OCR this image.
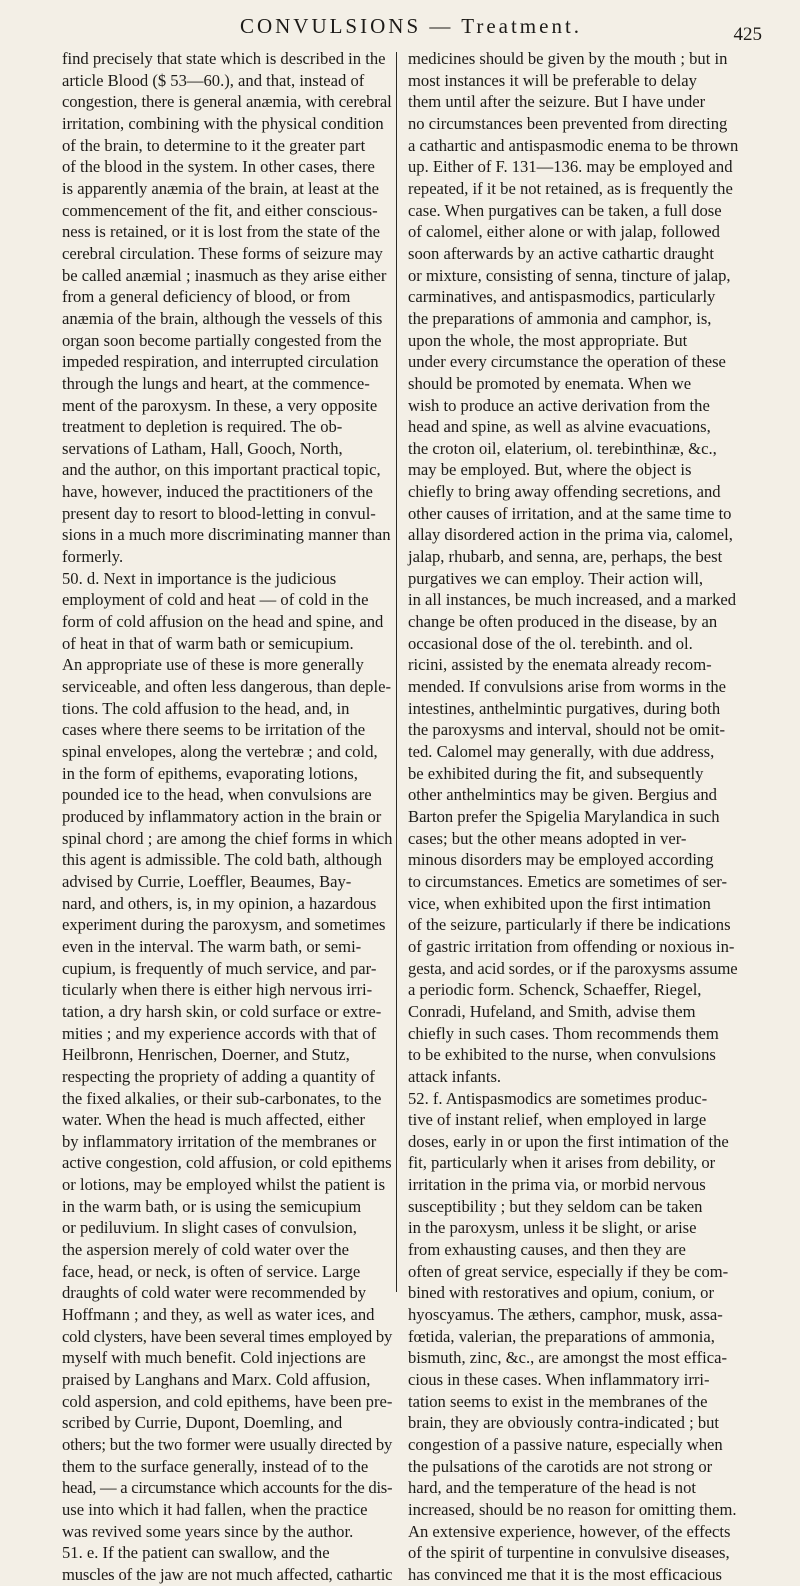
CONVULSIONS — Treatment.	425
find precisely that state which is described in the
article Blood ($ 53—60.), and that, instead of
congestion, there is general anæmia, with cerebral
irritation, combining with the physical condition
of the brain, to determine to it the greater part
of the blood in the system. In other cases, there
is apparently anæmia of the brain, at least at the
commencement of the fit, and either conscious-
ness is retained, or it is lost from the state of the
cerebral circulation. These forms of seizure may
be called anæmial ; inasmuch as they arise either
from a general deficiency of blood, or from
anæmia of the brain, although the vessels of this
organ soon become partially congested from the
impeded respiration, and interrupted circulation
through the lungs and heart, at the commence-
ment of the paroxysm. In these, a very opposite
treatment to depletion is required. The ob-
servations of Latham, Hall, Gooch, North,
and the author, on this important practical topic,
have, however, induced the practitioners of the
present day to resort to blood-letting in convul-
sions in a much more discriminating manner than
formerly.
50. d. Next in importance is the judicious
employment of cold and heat — of cold in the
form of cold affusion on the head and spine, and
of heat in that of warm bath or semicupium.
An appropriate use of these is more generally
serviceable, and often less dangerous, than deple-
tions. The cold affusion to the head, and, in
cases where there seems to be irritation of the
spinal envelopes, along the vertebræ ; and cold,
in the form of epithems, evaporating lotions,
pounded ice to the head, when convulsions are
produced by inflammatory action in the brain or
spinal chord ; are among the chief forms in which
this agent is admissible. The cold bath, although
advised by Currie, Loeffler, Beaumes, Bay-
nard, and others, is, in my opinion, a hazardous
experiment during the paroxysm, and sometimes
even in the interval. The warm bath, or semi-
cupium, is frequently of much service, and par-
ticularly when there is either high nervous irri-
tation, a dry harsh skin, or cold surface or extre-
mities ; and my experience accords with that of
Heilbronn, Henrischen, Doerner, and Stutz,
respecting the propriety of adding a quantity of
the fixed alkalies, or their sub-carbonates, to the
water. When the head is much affected, either
by inflammatory irritation of the membranes or
active congestion, cold affusion, or cold epithems
or lotions, may be employed whilst the patient is
in the warm bath, or is using the semicupium
or pediluvium. In slight cases of convulsion,
the aspersion merely of cold water over the
face, head, or neck, is often of service. Large
draughts of cold water were recommended by
Hoffmann ; and they, as well as water ices, and
cold clysters, have been several times employed by
myself with much benefit. Cold injections are
praised by Langhans and Marx. Cold affusion,
cold aspersion, and cold epithems, have been pre-
scribed by Currie, Dupont, Doemling, and
others; but the two former were usually directed by
them to the surface generally, instead of to the
head, — a circumstance which accounts for the dis-
use into which it had fallen, when the practice
was revived some years since by the author.
51. e. If the patient can swallow, and the
muscles of the jaw are not much affected, cathartic
medicines should be given by the mouth ; but in
most instances it will be preferable to delay
them until after the seizure. But I have under
no circumstances been prevented from directing
a cathartic and antispasmodic enema to be thrown
up. Either of F. 131—136. may be employed and
repeated, if it be not retained, as is frequently the
case. When purgatives can be taken, a full dose
of calomel, either alone or with jalap, followed
soon afterwards by an active cathartic draught
or mixture, consisting of senna, tincture of jalap,
carminatives, and antispasmodics, particularly
the preparations of ammonia and camphor, is,
upon the whole, the most appropriate. But
under every circumstance the operation of these
should be promoted by enemata. When we
wish to produce an active derivation from the
head and spine, as well as alvine evacuations,
the croton oil, elaterium, ol. terebinthinæ, &c.,
may be employed. But, where the object is
chiefly to bring away offending secretions, and
other causes of irritation, and at the same time to
allay disordered action in the prima via, calomel,
jalap, rhubarb, and senna, are, perhaps, the best
purgatives we can employ. Their action will,
in all instances, be much increased, and a marked
change be often produced in the disease, by an
occasional dose of the ol. terebinth. and ol.
ricini, assisted by the enemata already recom-
mended. If convulsions arise from worms in the
intestines, anthelmintic purgatives, during both
the paroxysms and interval, should not be omit-
ted. Calomel may generally, with due address,
be exhibited during the fit, and subsequently
other anthelmintics may be given. Bergius and
Barton prefer the Spigelia Marylandica in such
cases; but the other means adopted in ver-
minous disorders may be employed according
to circumstances. Emetics are sometimes of ser-
vice, when exhibited upon the first intimation
of the seizure, particularly if there be indications
of gastric irritation from offending or noxious in-
gesta, and acid sordes, or if the paroxysms assume
a periodic form. Schenck, Schaeffer, Riegel,
Conradi, Hufeland, and Smith, advise them
chiefly in such cases. Thom recommends them
to be exhibited to the nurse, when convulsions
attack infants.
52. f. Antispasmodics are sometimes produc-
tive of instant relief, when employed in large
doses, early in or upon the first intimation of the
fit, particularly when it arises from debility, or
irritation in the prima via, or morbid nervous
susceptibility ; but they seldom can be taken
in the paroxysm, unless it be slight, or arise
from exhausting causes, and then they are
often of great service, especially if they be com-
bined with restoratives and opium, conium, or
hyoscyamus. The æthers, camphor, musk, assa-
fœtida, valerian, the preparations of ammonia,
bismuth, zinc, &c., are amongst the most effica-
cious in these cases. When inflammatory irri-
tation seems to exist in the membranes of the
brain, they are obviously contra-indicated ; but
congestion of a passive nature, especially when
the pulsations of the carotids are not strong or
hard, and the temperature of the head is not
increased, should be no reason for omitting them.
An extensive experience, however, of the effects
of the spirit of turpentine in convulsive diseases,
has convinced me that it is the most efficacious
